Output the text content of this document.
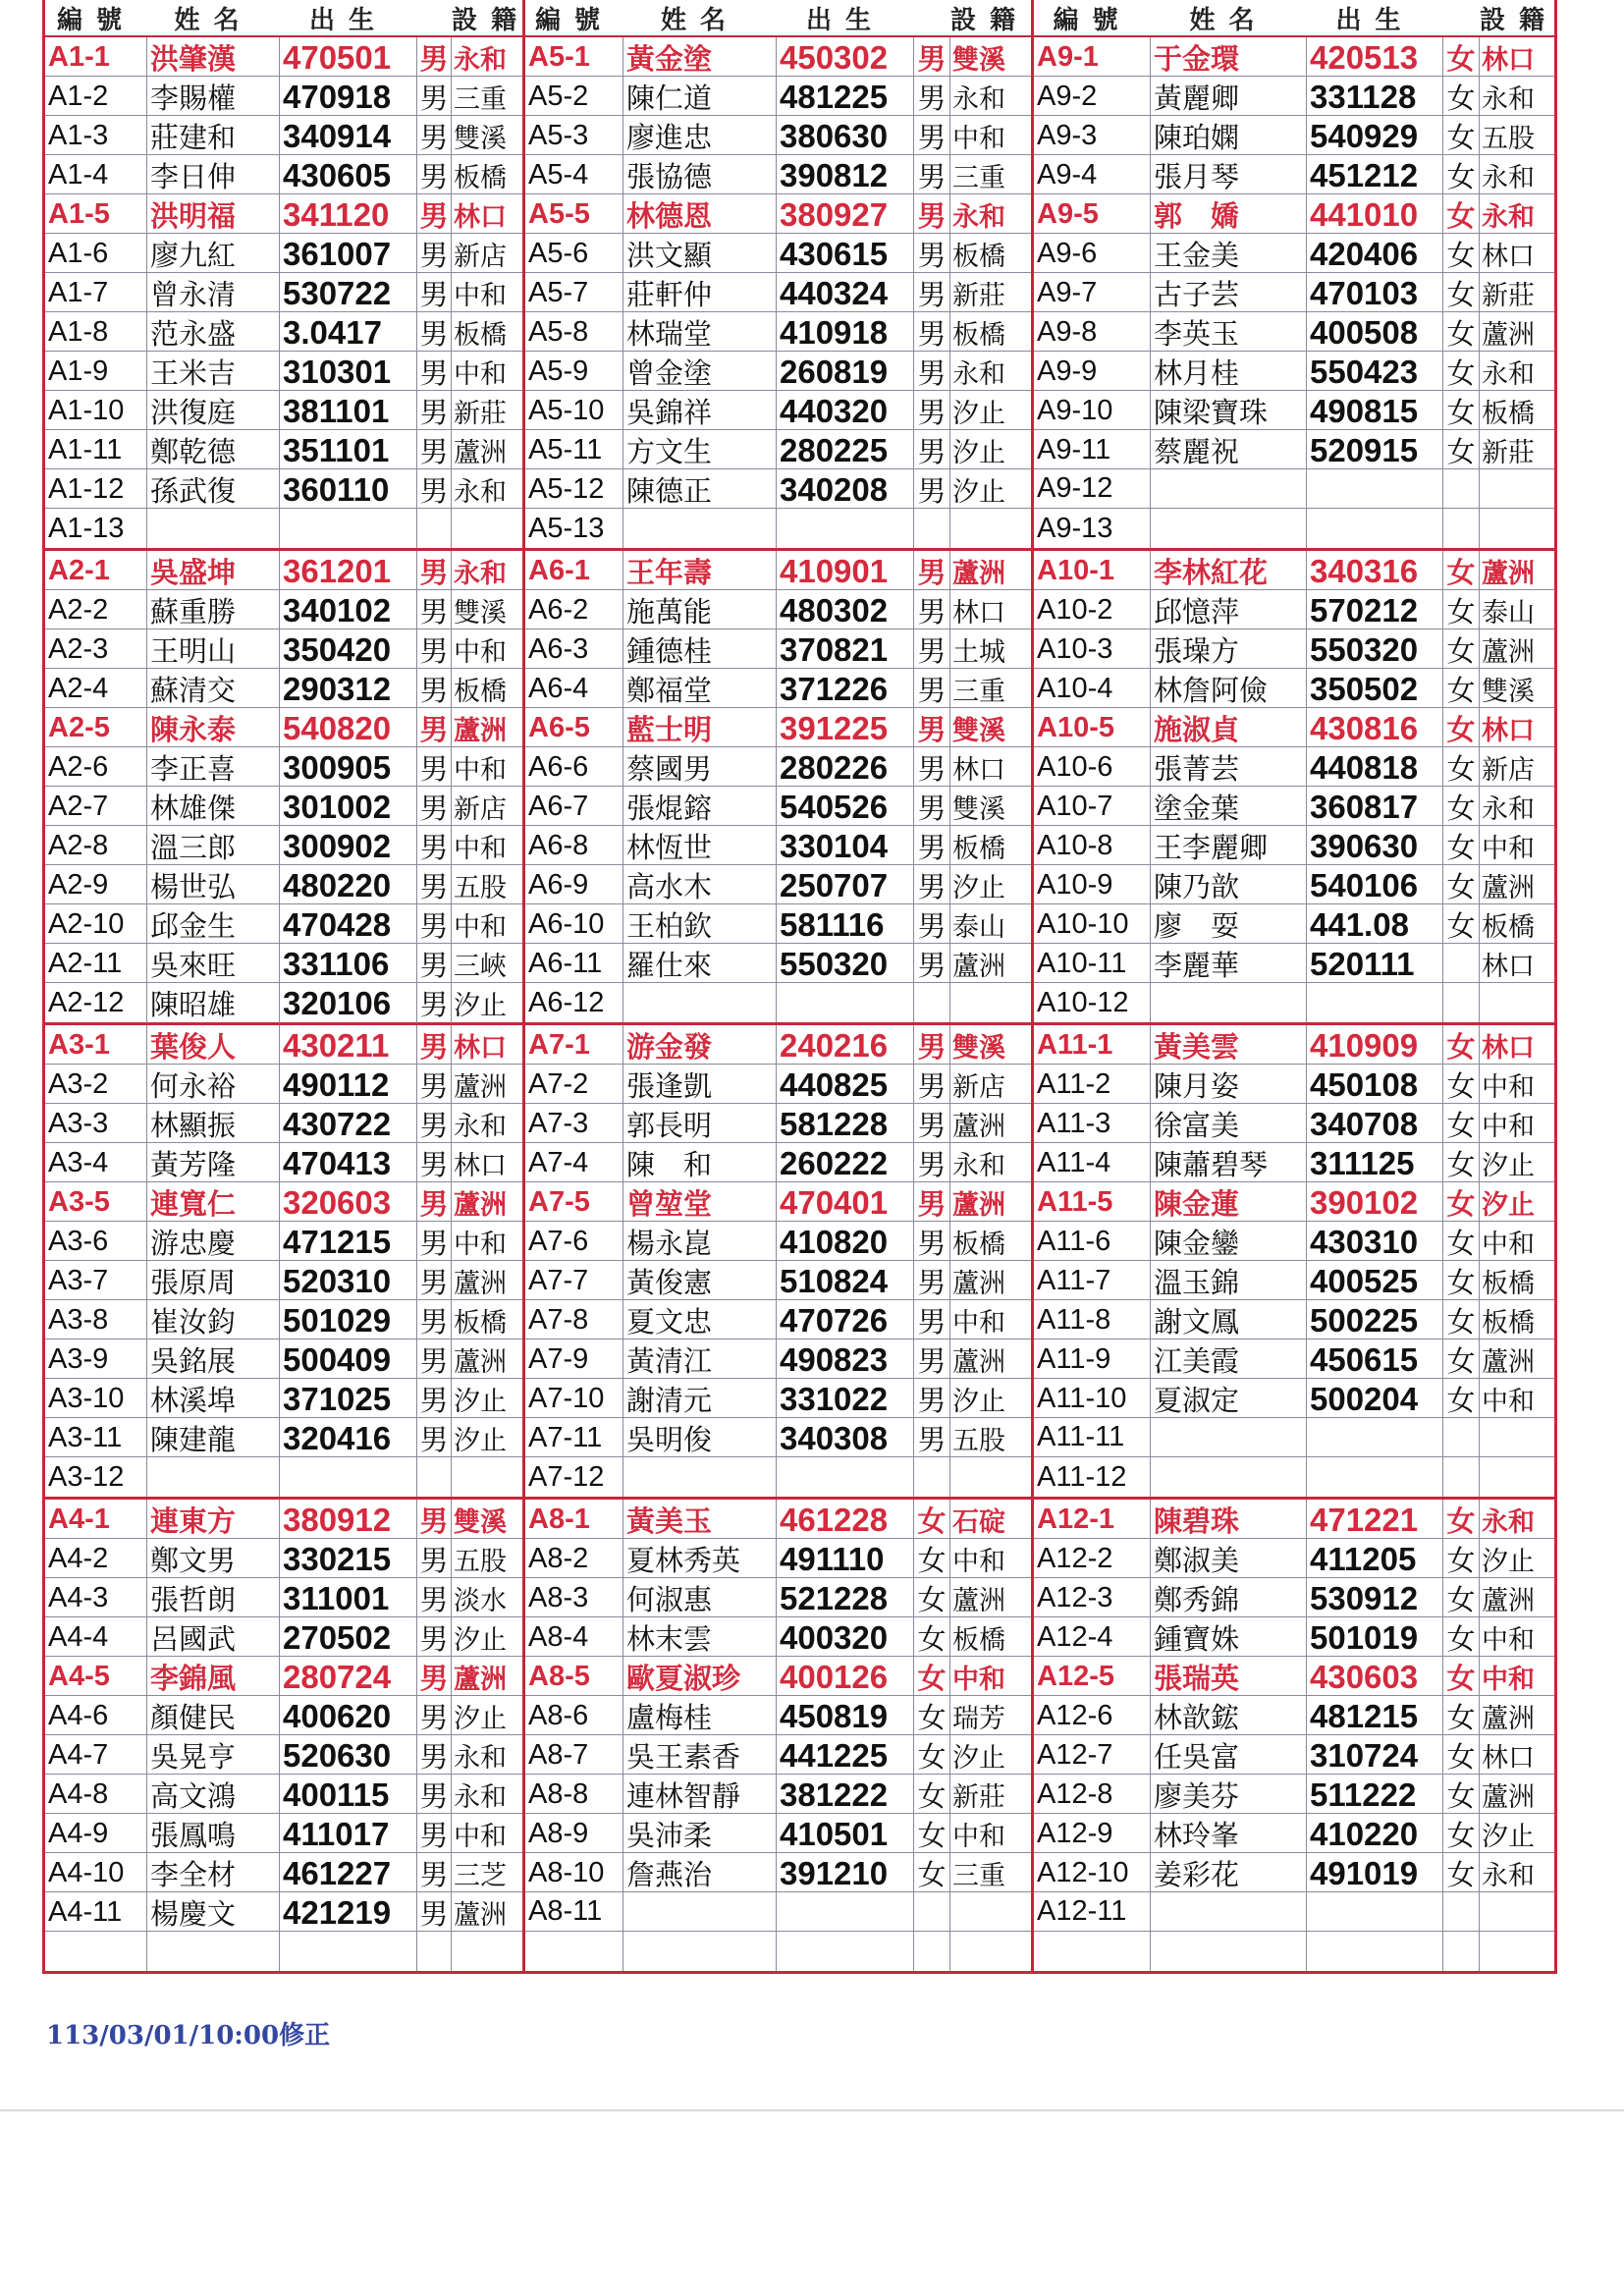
編號	姓名	出生	設籍
A1-1	洪肇漢	470501	男 永和
A1-2	李賜權	470918	男 三重
A1-3	莊建和	340914	男 雙溪
A1-4	李日伸	430605	男 板橋
A1-5	洪明福	341120	男 林口
A1-6	廖九紅	361007	男 新店
A1-7	曾永清	530722	男 中和
A1-8	范永盛	3.0417	男 板橋
A1-9	王米吉	310301	男 中和
A1-10 洪復庭	381101	男 新莊
A1-11 鄭乾德	351101	男 蘆洲
A1-12 孫武復	360110	男 永和
A1-13
A2-1	吳盛坤	361201	男 永和
A2-2	蘇重勝	340102	男 雙溪
A2-3	王明山	350420	男 中和
A2-4	蘇清交	290312	男 板橋
A2-5	陳永泰	540820	男 蘆洲
A2-6	李正喜	300905	男 中和
A2-7	林雄傑	301002	男 新店
A2-8	溫三郎	300902	男 中和
A2-9	楊世弘	480220	男 五股
A2-10 邱金生	470428	男 中和
A2-11 吳來旺	331106	男 三峽
A2-12 陳昭雄	320106	男 汐止
A3-1	葉俊人	430211	男 林口
A3-2	何永裕	490112	男 蘆洲
A3-3	林顯振	430722	男 永和
A3-4	黃芳隆	470413	男 林口
A3-5	連寬仁	320603	男 蘆洲
A3-6	游忠慶	471215	男 中和
A3-7	張原周	520310	男 蘆洲
A3-8	崔汝鈞	501029	男 板橋
A3-9	吳銘展	500409	男 蘆洲
A3-10 林溪埠	371025	男 汐止
A3-11 陳建龍	320416	男 汐止
A3-12
A4-1	連東方	380912	男 雙溪
A4-2	鄭文男	330215	男 五股
A4-3	張哲朗	311001	男 淡水
A4-4	呂國武	270502	男 汐止
A4-5	李錦風	280724	男 蘆洲
A4-6	顏健民	400620	男 汐止
A4-7	吳晃亨	520630	男 永和
A4-8	高文鴻	400115	男 永和
A4-9	張鳳鳴	411017	男 中和
A4-10 李全材	461227	男 三芝
A4-11 楊慶文	421219	男 蘆洲
編號	姓名	出生	設籍
A5-1	黃金塗	450302	男 雙溪
A5-2	陳仁道	481225	男 永和
A5-3	廖進忠	380630	男 中和
A5-4	張協德	390812	男 三重
A5-5	林德恩	380927	男 永和
A5-6	洪文顯	430615	男 板橋
A5-7	莊軒仲	440324	男 新莊
A5-8	林瑞堂	410918	男 板橋
A5-9	曾金塗	260819	男 永和
A5-10 吳錦祥	440320	男 汐止
A5-11 方文生	280225	男 汐止
A5-12 陳德正	340208	男 汐止
A5-13
A6-1	王年壽	410901	男 蘆洲
A6-2	施萬能	480302	男 林口
A6-3	鍾德桂	370821	男 土城
A6-4	鄭福堂	371226	男 三重
A6-5	藍士明	391225	男 雙溪
A6-6	蔡國男	280226	男 林口
A6-7	張焜鎔	540526	男 雙溪
A6-8	林恆世	330104	男 板橋
A6-9	高水木	250707	男 汐止
A6-10 王柏欽	581116	男 泰山
A6-11 羅仕來	550320	男 蘆洲
A6-12
A7-1	游金發	240216	男 雙溪
A7-2	張逢凱	440825	男 新店
A7-3	郭長明	581228	男 蘆洲
A7-4	陳　和	260222	男 永和
A7-5	曾堃堂	470401	男 蘆洲
A7-6	楊永崑	410820	男 板橋
A7-7	黃俊憲	510824	男 蘆洲
A7-8	夏文忠	470726	男 中和
A7-9	黃清江	490823	男 蘆洲
A7-10 謝清元	331022	男 汐止
A7-11 吳明俊	340308	男 五股
A7-12
A8-1	黃美玉	461228	女 石碇
A8-2	夏林秀英	491110	女 中和
A8-3	何淑惠	521228	女 蘆洲
A8-4	林末雲	400320	女 板橋
A8-5	歐夏淑珍	400126	女 中和
A8-6	盧梅桂	450819	女 瑞芳
A8-7	吳王素香	441225	女 汐止
A8-8	連林智靜	381222	女 新莊
A8-9	吳沛柔	410501	女 中和
A8-10 詹燕治	391210	女 三重
A8-11
編號	姓名	出生	設籍
A9-1	于金環	420513	女 林口
A9-2	黃麗卿	331128	女 永和
A9-3	陳珀嫻	540929	女 五股
A9-4	張月琴	451212	女 永和
A9-5	郭　嬌	441010	女 永和
A9-6	王金美	420406	女 林口
A9-7	古子芸	470103	女 新莊
A9-8	李英玉	400508	女 蘆洲
A9-9	林月桂	550423	女 永和
A9-10	陳梁寶珠	490815	女 板橋
A9-11	蔡麗祝	520915	女 新莊
A9-12
A9-13
A10-1	李林紅花	340316	女 蘆洲
A10-2	邱憶萍	570212	女 泰山
A10-3	張璪方	550320	女 蘆洲
A10-4	林詹阿儉	350502	女 雙溪
A10-5	施淑貞	430816	女 林口
A10-6	張菁芸	440818	女 新店
A10-7	塗金葉	360817	女 永和
A10-8	王李麗卿	390630	女 中和
A10-9	陳乃歆	540106	女 蘆洲
A10-10 廖　耍	441.08	女 板橋
A10-11 李麗華	520111	林口
A10-12
A11-1	黃美雲	410909	女 林口
A11-2	陳月姿	450108	女 中和
A11-3	徐富美	340708	女 中和
A11-4	陳蕭碧琴	311125	女 汐止
A11-5	陳金蓮	390102	女 汐止
A11-6	陳金鑾	430310	女 中和
A11-7	溫玉錦	400525	女 板橋
A11-8	謝文鳳	500225	女 板橋
A11-9	江美霞	450615	女 蘆洲
A11-10 夏淑定	500204	女 中和
A11-11
A11-12
A12-1	陳碧珠	471221	女 永和
A12-2	鄭淑美	411205	女 汐止
A12-3	鄭秀錦	530912	女 蘆洲
A12-4	鍾寶姝	501019	女 中和
A12-5	張瑞英	430603	女 中和
A12-6	林歆鋐	481215	女 蘆洲
A12-7	任吳富	310724	女 林口
A12-8	廖美芬	511222	女 蘆洲
A12-9	林玲峯	410220	女 汐止
A12-10 姜彩花	491019	女 永和
A12-11
113/03/01/10:00修正
